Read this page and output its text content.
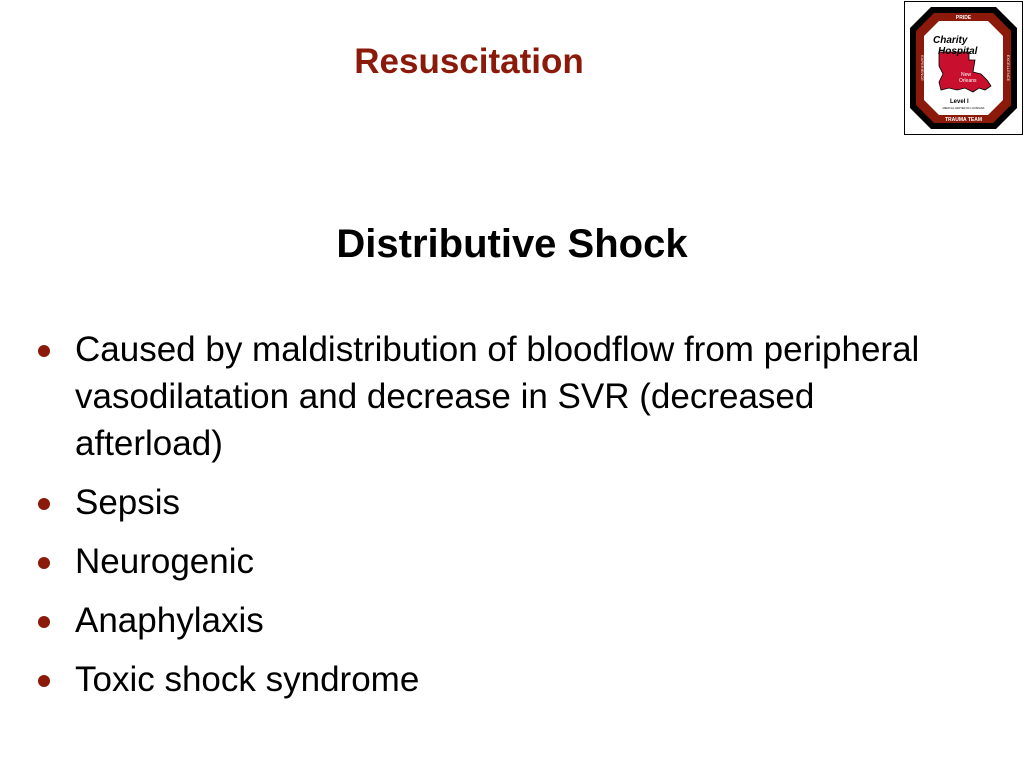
Resuscitation
PRIDE
TRAUMA TEAM
EXPERIENCE	EXCELLENCE
Charity
Hospital
New
Orleans
Level I
MEDICAL CENTER OF LOUISIANA
Distributive Shock
Caused by maldistribution of bloodflow from peripheral vasodilatation and decrease in SVR (decreased afterload)
Sepsis
Neurogenic
Anaphylaxis
Toxic shock syndrome
